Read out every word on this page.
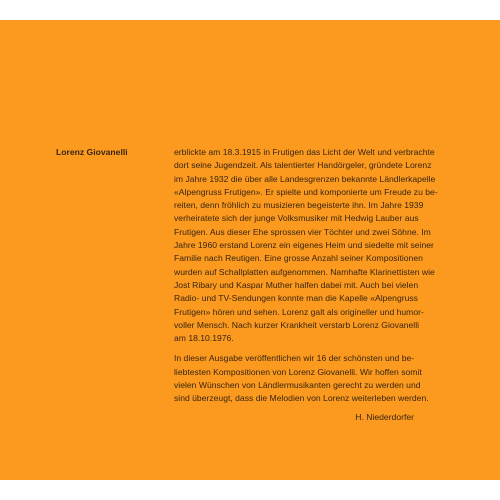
Lorenz Giovanelli	erblickte am 18.3.1915 in Frutigen das Licht der Welt und verbrachte
dort seine Jugendzeit. Als talentierter Handörgeler, gründete Lorenz
im Jahre 1932 die über alle Landesgrenzen bekannte Ländlerkapelle
«Alpengruss Frutigen». Er spielte und komponierte um Freude zu be-
reiten, denn fröhlich zu musizieren begeisterte ihn. Im Jahre 1939
verheiratete sich der junge Volksmusiker mit Hedwig Lauber aus
Frutigen. Aus dieser Ehe sprossen vier Töchter und zwei Söhne. Im
Jahre 1960 erstand Lorenz ein eigenes Heim und siedelte mit seiner
Familie nach Reutigen. Eine grosse Anzahl seiner Kompositionen
wurden auf Schallplatten aufgenommen. Namhafte Klarinettisten wie
Jost Ribary und Kaspar Muther halfen dabei mit. Auch bei vielen
Radio- und TV-Sendungen konnte man die Kapelle «Alpengruss
Frutigen» hören und sehen. Lorenz galt als origineller und humor-
voller Mensch. Nach kurzer Krankheit verstarb Lorenz Giovanelli
am 18.10.1976.
In dieser Ausgabe veröffentlichen wir 16 der schönsten und be-
liebtesten Kompositionen von Lorenz Giovanelli. Wir hoffen somit
vielen Wünschen von Ländlermusikanten gerecht zu werden und
sind überzeugt, dass die Melodien von Lorenz weiterleben werden.
H. Niederdorfer
